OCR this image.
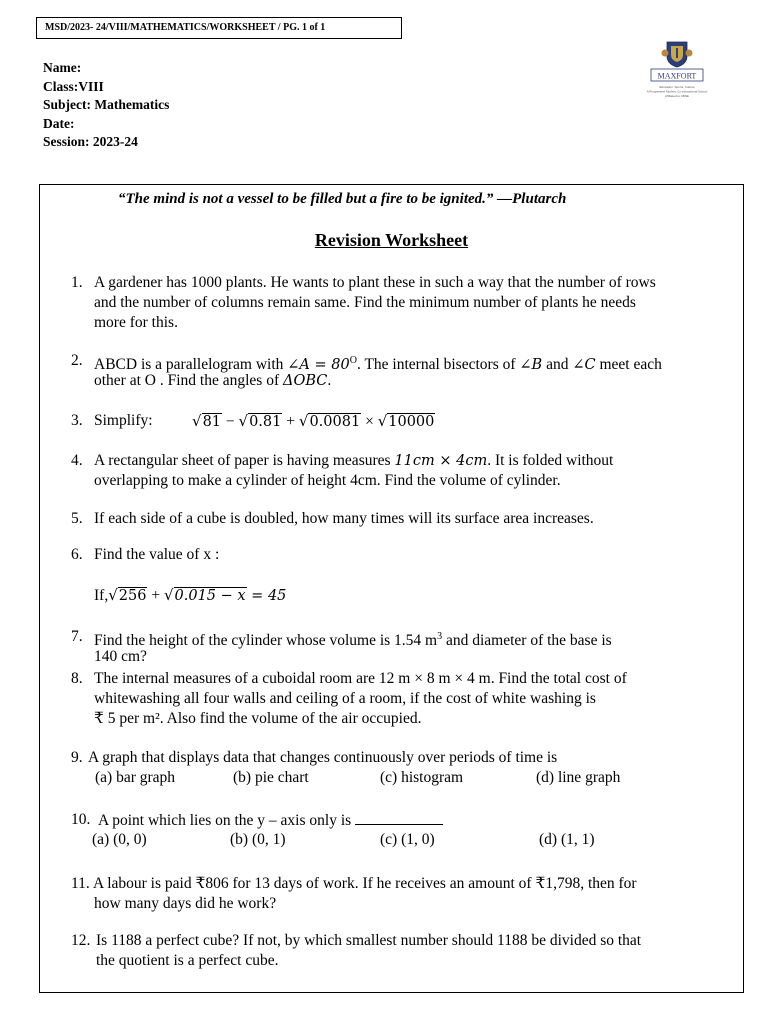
MSD/2023- 24/VIII/MATHEMATICS/WORKSHEET / PG. 1 of 1
Name:
Class:VIII
Subject: Mathematics
Date:
Session: 2023-24
MAXFORT
Education, Sports, Culture
A Progressive Modern Co-educational School
Affiliated to CBSE
“The mind is not a vessel to be filled but a fire to be ignited.” —Plutarch
Revision Worksheet
1. A gardener has 1000 plants. He wants to plant these in such a way that the number of rows
and the number of columns remain same. Find the minimum number of plants he needs
more for this.
2. ABCD is a parallelogram with ∠A = $80^O$. The internal bisectors of ∠B and ∠C meet each
other at O . Find the angles of ΔOBC.
3. Simplify:	√81 − √0.81 + √0.0081 × √10000
4. A rectangular sheet of paper is having measures 11cm × 4cm. It is folded without
overlapping to make a cylinder of height 4cm. Find the volume of cylinder.
5. If each side of a cube is doubled, how many times will its surface area increases.
6. Find the value of x :
If,√256 + √0.015 − x = 45
7. Find the height of the cylinder whose volume is 1.54 $m^3$ and diameter of the base is
140 cm?
8. The internal measures of a cuboidal room are 12 m × 8 m × 4 m. Find the total cost of
whitewashing all four walls and ceiling of a room, if the cost of white washing is
₹ 5 per m². Also find the volume of the air occupied.
9. A graph that displays data that changes continuously over periods of time is
(a) bar graph	(b) pie chart	(c) histogram	(d) line graph
10. A point which lies on the y – axis only is
(a) (0, 0)	(b) (0, 1)	(c) (1, 0)	(d) (1, 1)
11. A labour is paid ₹806 for 13 days of work. If he receives an amount of ₹1,798, then for
how many days did he work?
12. Is 1188 a perfect cube? If not, by which smallest number should 1188 be divided so that
the quotient is a perfect cube.
